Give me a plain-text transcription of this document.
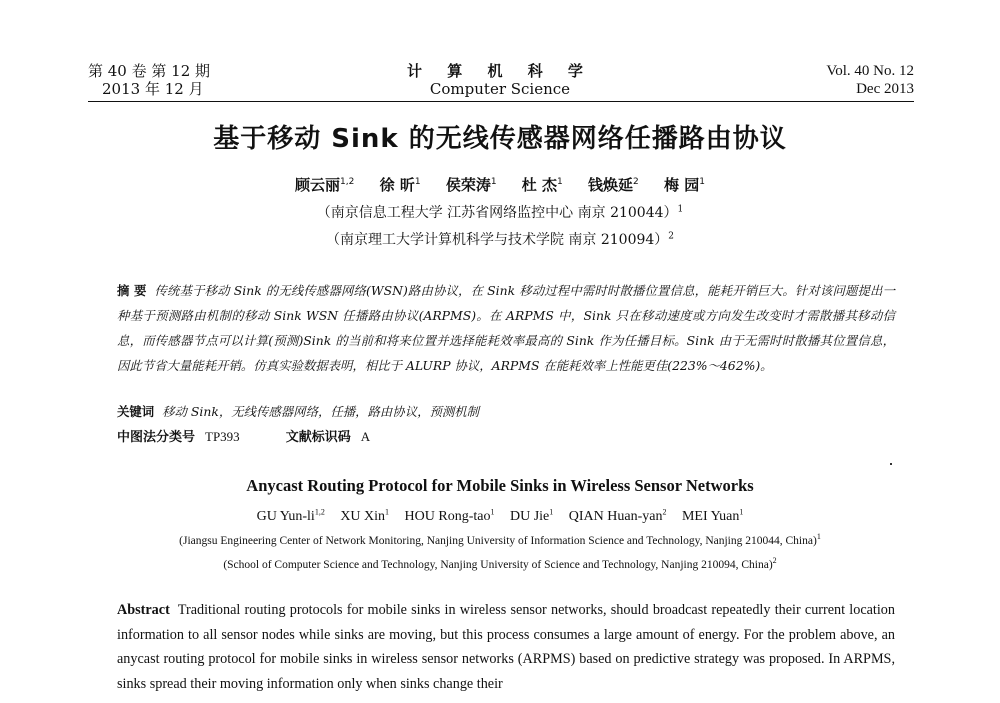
第 40 卷 第 12 期
2013 年 12 月
计 算 机 科 学
Computer Science
Vol. 40 No. 12
Dec 2013
基于移动 Sink 的无线传感器网络任播路由协议
顾云丽$^{1,2}$ 徐 昕$^1$ 侯荣涛$^1$ 杜 杰$^1$ 钱焕延$^2$ 梅 园$^1$
（南京信息工程大学 江苏省网络监控中心 南京 210044）$^1$
（南京理工大学计算机科学与技术学院 南京 210094）$^2$
摘 要 传统基于移动 Sink 的无线传感器网络(WSN)路由协议，在 Sink 移动过程中需时时散播位置信息，能耗开销巨大。针对该问题提出一种基于预测路由机制的移动 Sink WSN 任播路由协议(ARPMS)。在 ARPMS 中，Sink 只在移动速度或方向发生改变时才需散播其移动信息，而传感器节点可以计算(预测)Sink 的当前和将来位置并选择能耗效率最高的 Sink 作为任播目标。Sink 由于无需时时散播其位置信息，因此节省大量能耗开销。仿真实验数据表明，相比于 ALURP 协议，ARPMS 在能耗效率上性能更佳(223%～462%)。
关键词 移动 Sink，无线传感器网络，任播，路由协议，预测机制
中图法分类号 TP393	文献标识码 A
Anycast Routing Protocol for Mobile Sinks in Wireless Sensor Networks
GU Yun-li$^{1,2}$ XU Xin$^1$ HOU Rong-tao$^1$ DU Jie$^1$ QIAN Huan-yan$^2$ MEI Yuan$^1$
(Jiangsu Engineering Center of Network Monitoring, Nanjing University of Information Science and Technology, Nanjing 210044, China)$^1$
(School of Computer Science and Technology, Nanjing University of Science and Technology, Nanjing 210094, China)$^2$
Abstract Traditional routing protocols for mobile sinks in wireless sensor networks, should broadcast repeatedly their current location information to all sensor nodes while sinks are moving, but this process consumes a large amount of energy. For the problem above, an anycast routing protocol for mobile sinks in wireless sensor networks (ARPMS) based on predictive strategy was proposed. In ARPMS, sinks spread their moving information only when sinks change their
